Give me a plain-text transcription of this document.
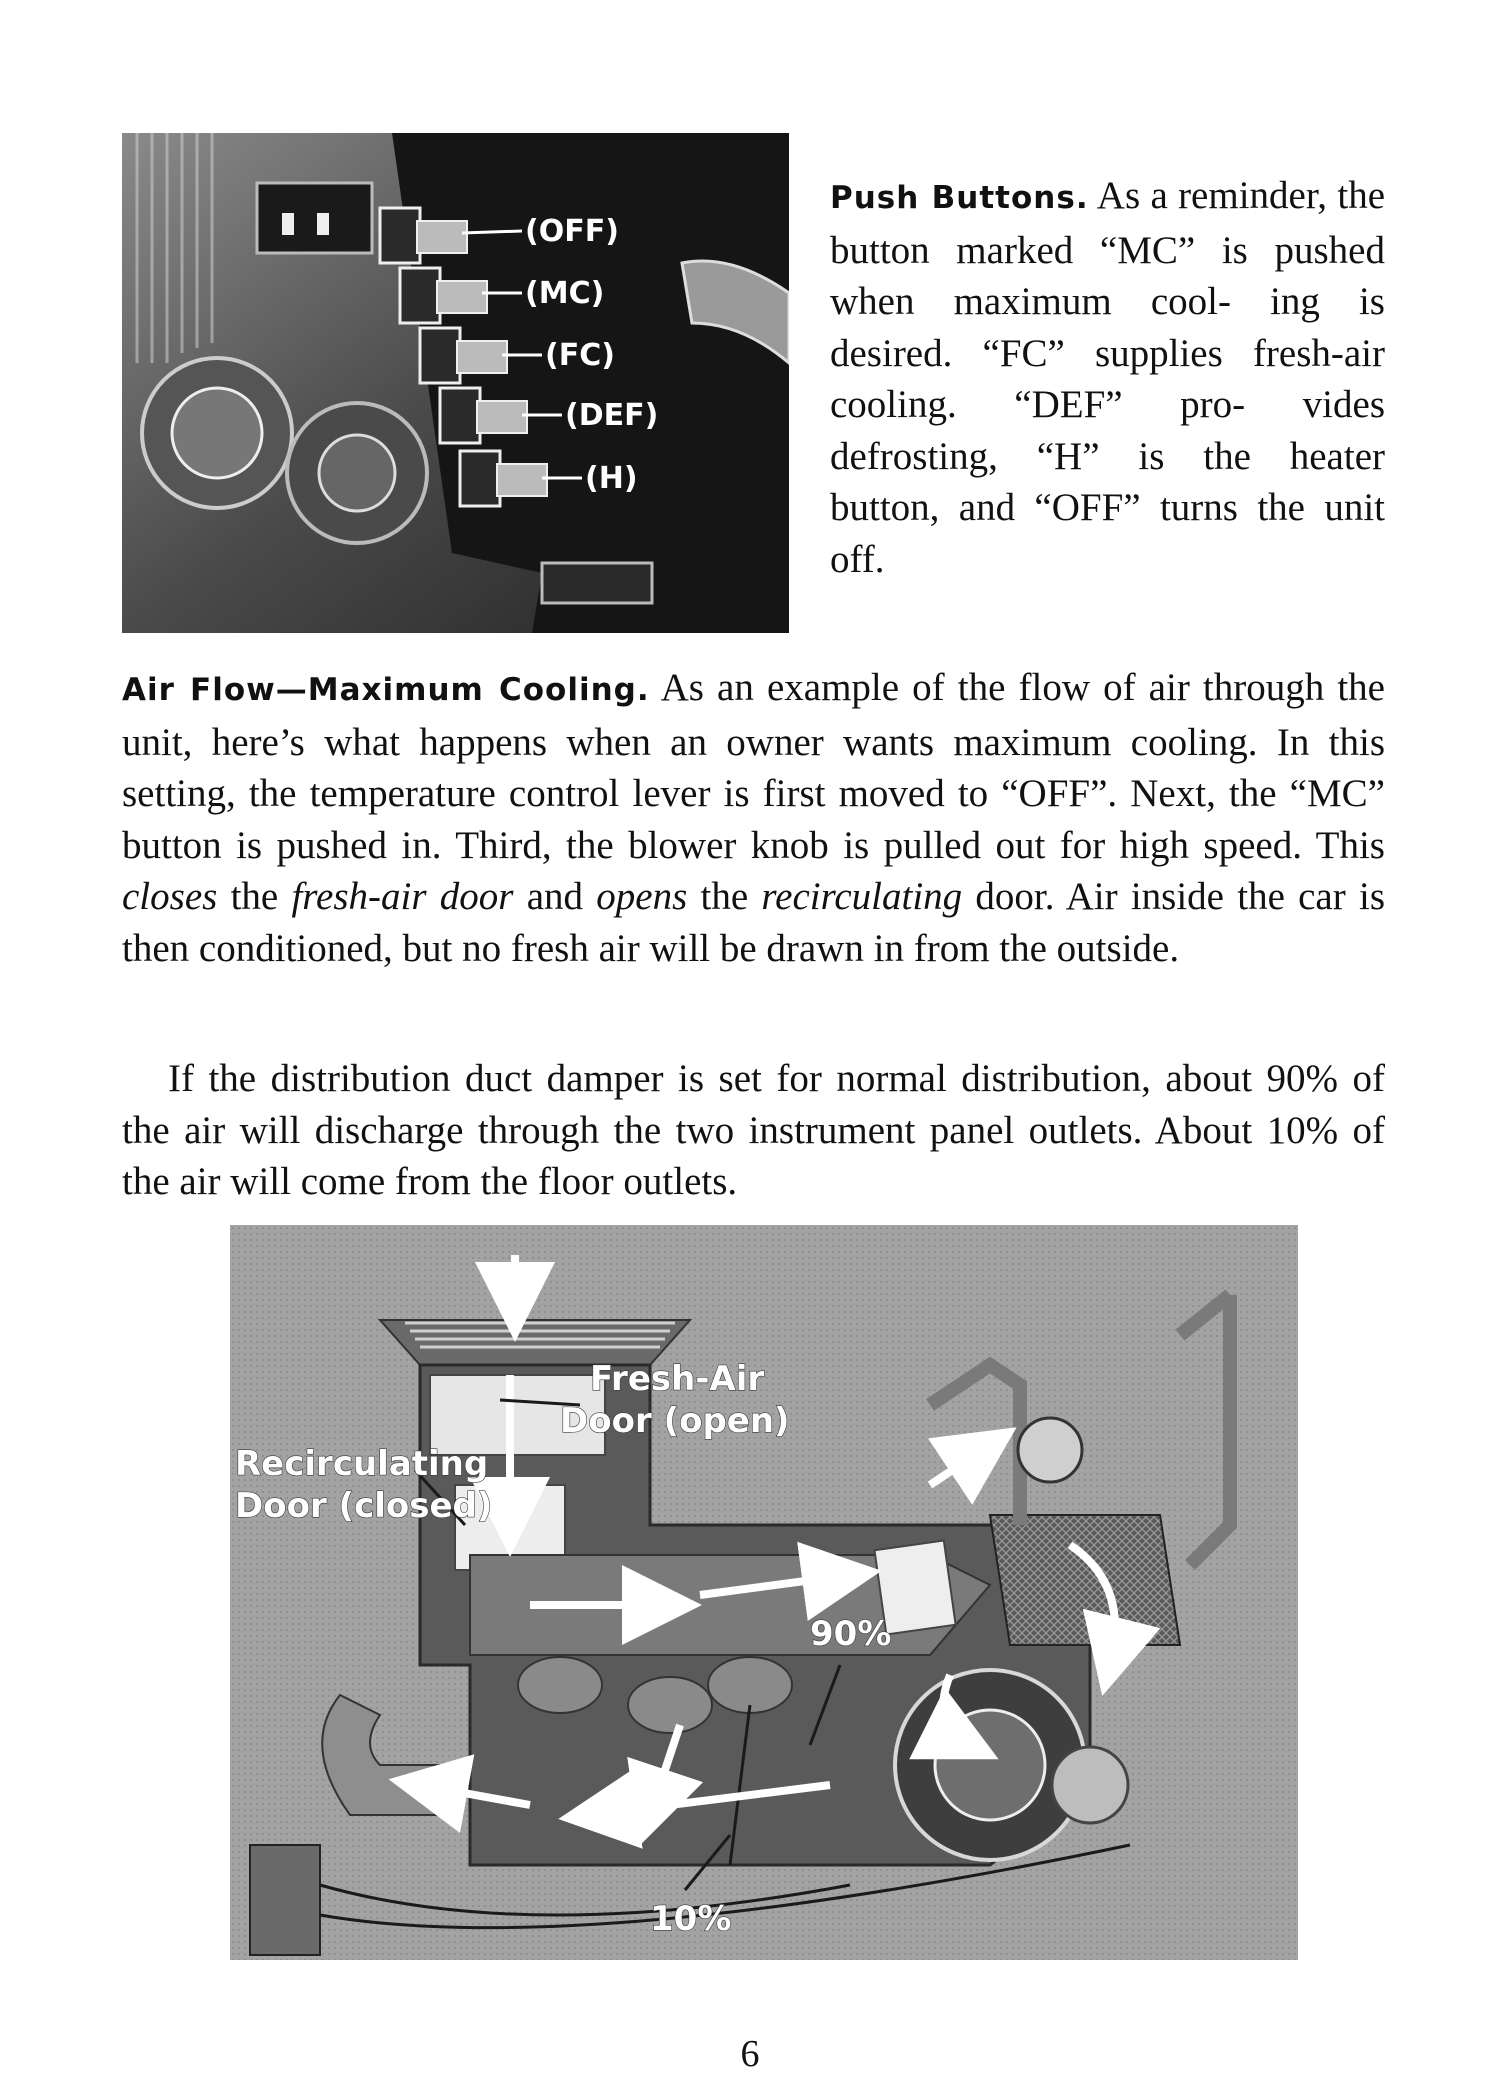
(OFF)
(MC)
(FC)
(DEF)
(H)
Push Buttons. As a reminder, the button marked “MC” is pushed when maximum cool- ing is desired. “FC” supplies fresh-air cooling. “DEF” pro- vides defrosting, “H” is the heater button, and “OFF” turns the unit off.
Air Flow—Maximum Cooling. As an example of the flow of air through the unit, here’s what happens when an owner wants maximum cooling. In this setting, the temperature control lever is first moved to “OFF”. Next, the “MC” button is pushed in. Third, the blower knob is pulled out for high speed. This closes the fresh-air door and opens the recirculating door. Air inside the car is then conditioned, but no fresh air will be drawn in from the outside.
If the distribution duct damper is set for normal distribution, about 90% of the air will discharge through the two instrument panel outlets. About 10% of the air will come from the floor outlets.
Fresh-Air
Door (open)
Recirculating
Door (closed)
90%
10%
6
